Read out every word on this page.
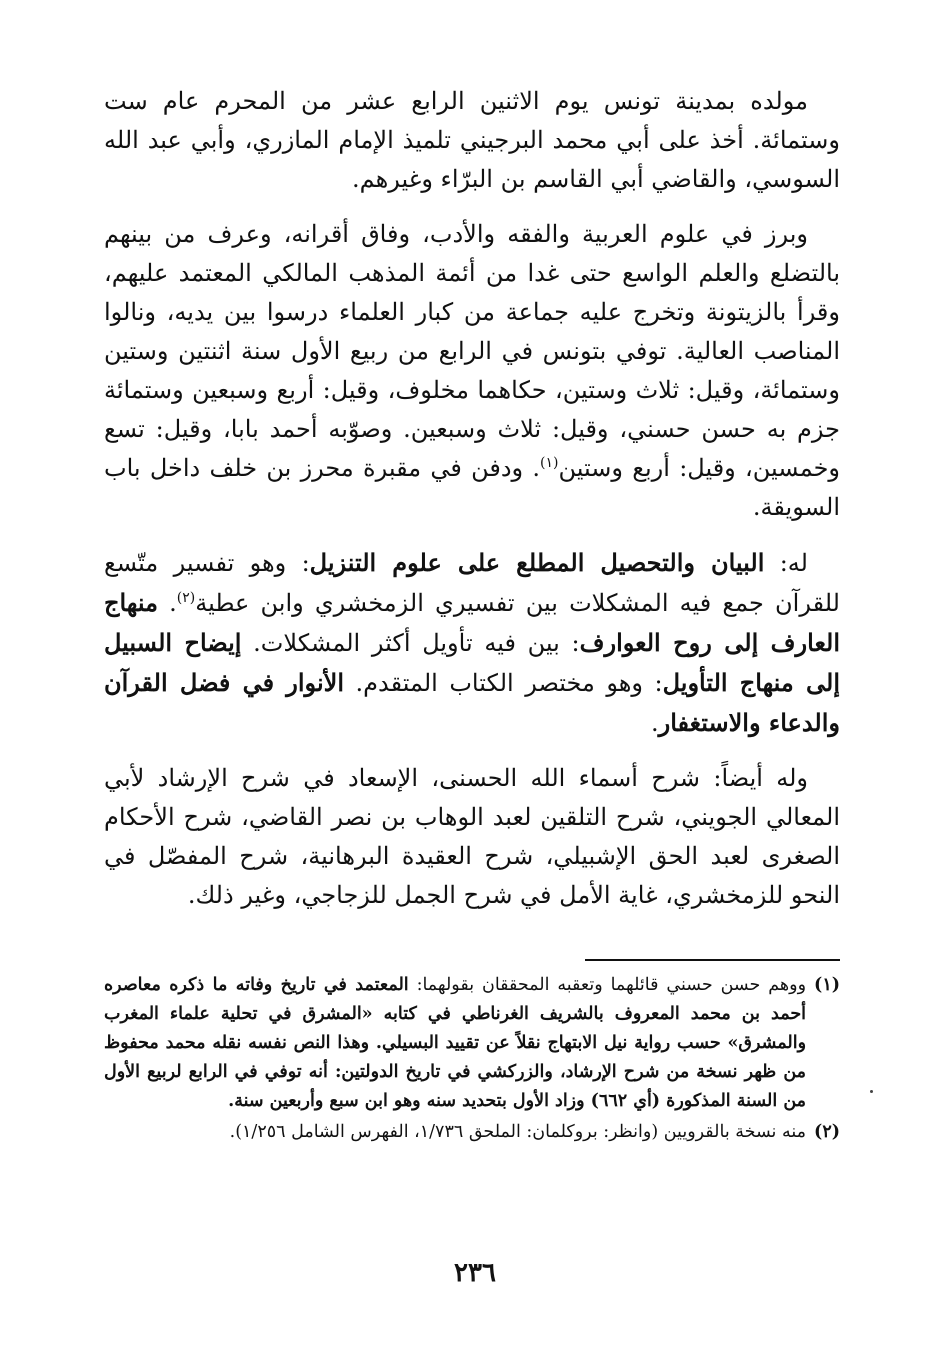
مولده بمدينة تونس يوم الاثنين الرابع عشر من المحرم عام ست وستمائة. أخذ على أبي محمد البرجيني تلميذ الإمام المازري، وأبي عبد الله السوسي، والقاضي أبي القاسم بن البرّاء وغيرهم.

وبرز في علوم العربية والفقه والأدب، وفاق أقرانه، وعرف من بينهم بالتضلع والعلم الواسع حتى غدا من أئمة المذهب المالكي المعتمد عليهم، وقرأ بالزيتونة وتخرج عليه جماعة من كبار العلماء درسوا بين يديه، ونالوا المناصب العالية. توفي بتونس في الرابع من ربيع الأول سنة اثنتين وستين وستمائة، وقيل: ثلاث وستين، حكاهما مخلوف، وقيل: أربع وسبعين وستمائة جزم به حسن حسني، وقيل: ثلاث وسبعين. وصوّبه أحمد بابا، وقيل: تسع وخمسين، وقيل: أربع وستين$^{(١)}$. ودفن في مقبرة محرز بن خلف داخل باب السويقة.

له: البيان والتحصيل المطلع على علوم التنزيل: وهو تفسير متّسع للقرآن جمع فيه المشكلات بين تفسيري الزمخشري وابن عطية$^{(٢)}$. منهاج العارف إلى روح العوارف: بين فيه تأويل أكثر المشكلات. إيضاح السبيل إلى منهاج التأويل: وهو مختصر الكتاب المتقدم. الأنوار في فضل القرآن والدعاء والاستغفار.

وله أيضاً: شرح أسماء الله الحسنى، الإسعاد في شرح الإرشاد لأبي المعالي الجويني، شرح التلقين لعبد الوهاب بن نصر القاضي، شرح الأحكام الصغرى لعبد الحق الإشبيلي، شرح العقيدة البرهانية، شرح المفصّل في النحو للزمخشري، غاية الأمل في شرح الجمل للزجاجي، وغير ذلك.

(١)
ووهم حسن حسني قائلهما وتعقبه المحققان بقولهما: المعتمد في تاريخ وفاته ما ذكره معاصره أحمد بن محمد المعروف بالشريف الغرناطي في كتابه «المشرق في تحلية علماء المغرب والمشرق» حسب رواية نيل الابتهاج نقلاً عن تقييد البسيلي. وهذا النص نفسه نقله محمد محفوظ من ظهر نسخة من شرح الإرشاد، والزركشي في تاريخ الدولتين: أنه توفي في الرابع لربيع الأول من السنة المذكورة (أي ٦٦٢) وزاد الأول بتحديد سنه وهو ابن سبع وأربعين سنة.
(٢)
منه نسخة بالقرويين (وانظر: بروكلمان: الملحق ١/٧٣٦، الفهرس الشامل ١/٢٥٦).
٢٣٦
